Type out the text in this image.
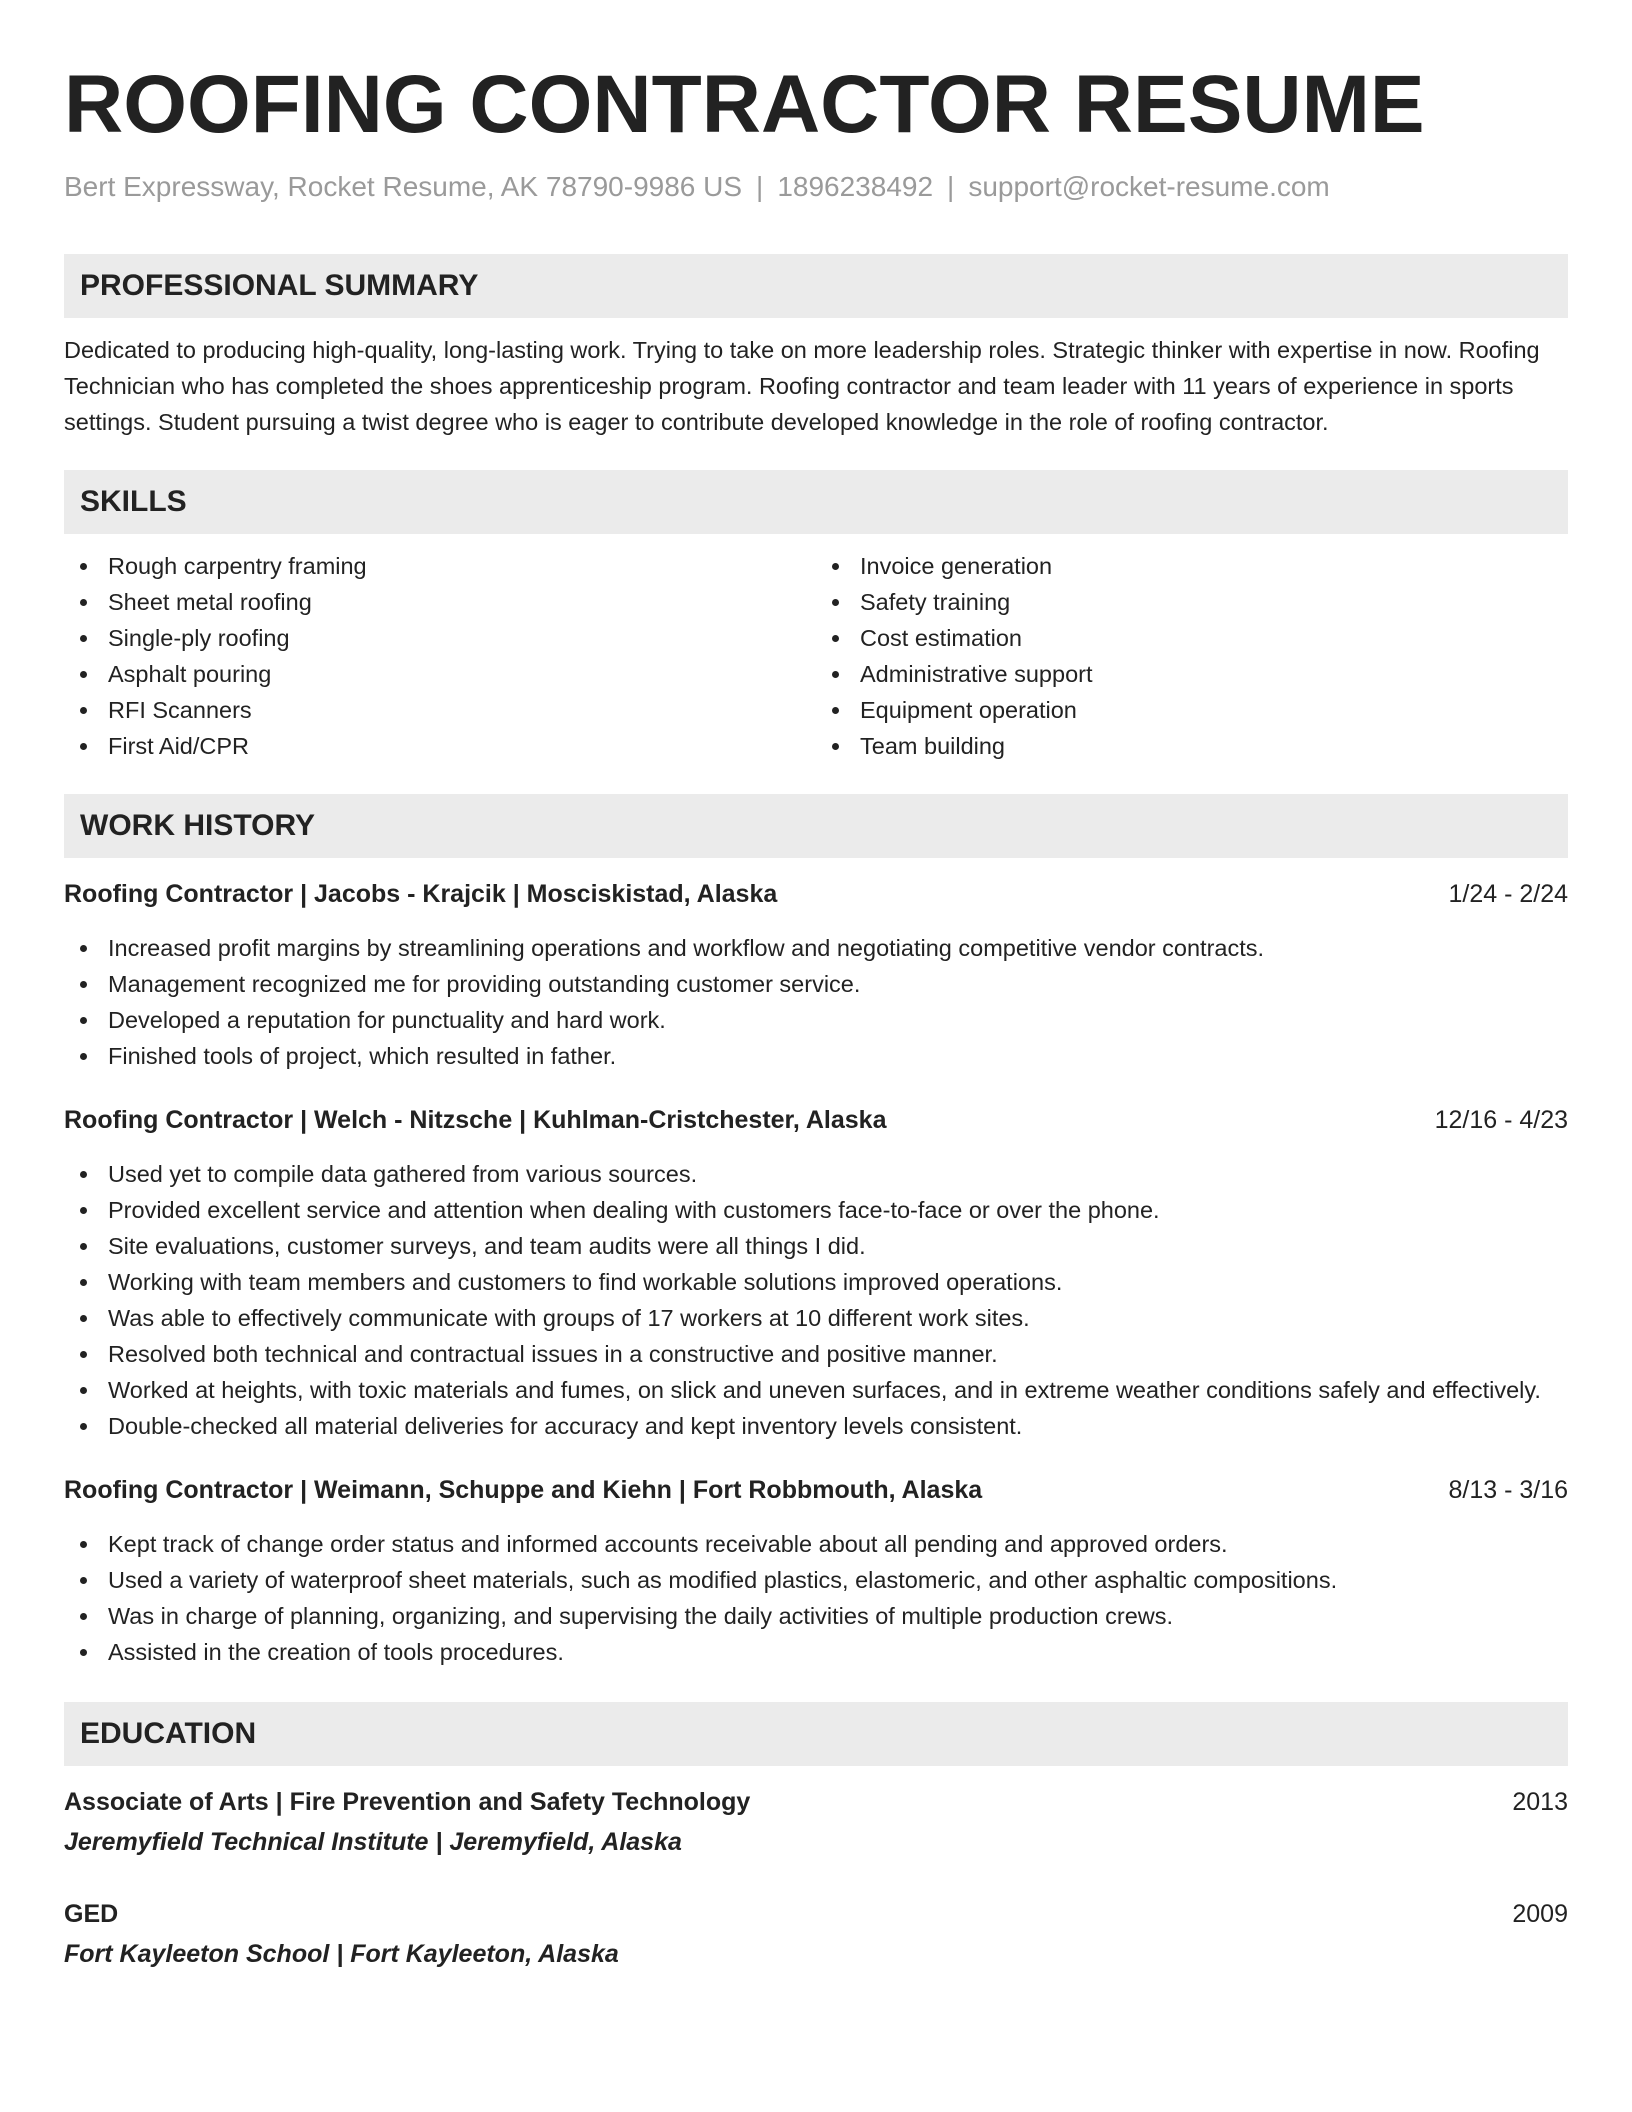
ROOFING CONTRACTOR RESUME
Bert Expressway, Rocket Resume, AK 78790-9986 US | 1896238492 | support@rocket-resume.com
PROFESSIONAL SUMMARY
Dedicated to producing high-quality, long-lasting work. Trying to take on more leadership roles. Strategic thinker with expertise in now. Roofing Technician who has completed the shoes apprenticeship program. Roofing contractor and team leader with 11 years of experience in sports settings. Student pursuing a twist degree who is eager to contribute developed knowledge in the role of roofing contractor.
SKILLS
Rough carpentry framing
Sheet metal roofing
Single-ply roofing
Asphalt pouring
RFI Scanners
First Aid/CPR
Invoice generation
Safety training
Cost estimation
Administrative support
Equipment operation
Team building
WORK HISTORY
Roofing Contractor | Jacobs - Krajcik | Mosciskistad, Alaska	1/24 - 2/24
Increased profit margins by streamlining operations and workflow and negotiating competitive vendor contracts.
Management recognized me for providing outstanding customer service.
Developed a reputation for punctuality and hard work.
Finished tools of project, which resulted in father.
Roofing Contractor | Welch - Nitzsche | Kuhlman-Cristchester, Alaska	12/16 - 4/23
Used yet to compile data gathered from various sources.
Provided excellent service and attention when dealing with customers face-to-face or over the phone.
Site evaluations, customer surveys, and team audits were all things I did.
Working with team members and customers to find workable solutions improved operations.
Was able to effectively communicate with groups of 17 workers at 10 different work sites.
Resolved both technical and contractual issues in a constructive and positive manner.
Worked at heights, with toxic materials and fumes, on slick and uneven surfaces, and in extreme weather conditions safely and effectively.
Double-checked all material deliveries for accuracy and kept inventory levels consistent.
Roofing Contractor | Weimann, Schuppe and Kiehn | Fort Robbmouth, Alaska	8/13 - 3/16
Kept track of change order status and informed accounts receivable about all pending and approved orders.
Used a variety of waterproof sheet materials, such as modified plastics, elastomeric, and other asphaltic compositions.
Was in charge of planning, organizing, and supervising the daily activities of multiple production crews.
Assisted in the creation of tools procedures.
EDUCATION
Associate of Arts | Fire Prevention and Safety Technology	2013
Jeremyfield Technical Institute | Jeremyfield, Alaska
GED	2009
Fort Kayleeton School | Fort Kayleeton, Alaska
